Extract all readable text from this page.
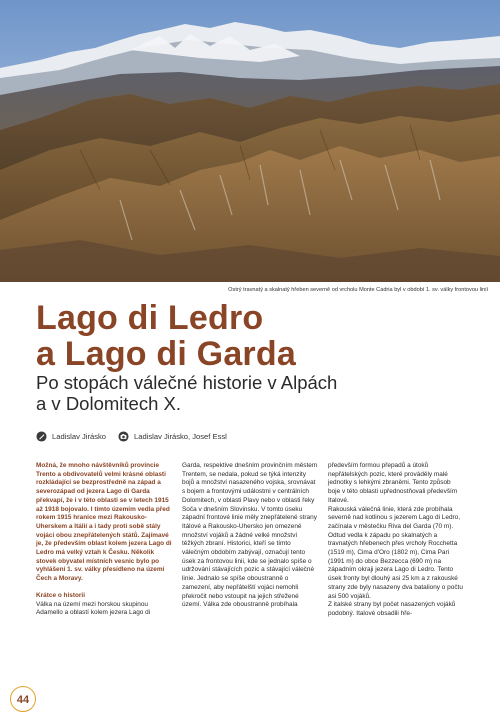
Ostrý travnatý a skalnatý hřeben severně od vrcholu Monte Cadria byl v období 1. sv. války frontovou linií
Lago di Ledro
a Lago di Garda
Po stopách válečné historie v Alpách
a v Dolomitech X.
Ladislav Jirásko	Ladislav Jirásko, Josef Essl

Možná, že mnoho návštěvníků provincie Trento a obdivovatelů velmi krásné oblasti rozkládající se bezprostředně na západ a severozápad od jezera Lago di Garda překvapí, že i v této oblasti se v letech 1915 až 1918 bojovalo. I tímto územím vedla před rokem 1915 hranice mezi Rakousko-Uherskem a Itálií a i tady proti sobě stály vojáci obou znepřátelených států. Zajímavé je, že především oblast kolem jezera Lago di Ledro má velký vztah k Česku. Několik stovek obyvatel místních vesnic bylo po vyhlášení 1. sv. války přesídleno na území Čech a Moravy.

Krátce o historii

Válka na území mezi horskou skupinou Adamello a oblastí kolem jezera Lago di

Garda, respektive dnešním provinčním městem Trentem, se nedala, pokud se týká intenzity bojů a množství nasazeného vojska, srovnávat s bojem a frontovými událostmi v centrálních Dolomitech, v oblasti Plavy nebo v oblasti řeky Soča v dnešním Slovinsku. V tomto úseku západní frontové linie měly znepřátelené strany Itálové a Rakousko-Uhersko jen omezené množství vojáků a žádné velké množství těžkých zbraní. Historici, kteří se tímto válečným obdobím zabývají, označují tento úsek za frontovou linii, kde se jednalo spíše o udržování stávajících pozic a stávající válečné linie. Jednalo se spíše oboustranně o zamezení, aby nepřátelští vojáci nemohli překročit nebo vstoupit na jejich střežené území. Válka zde oboustranně probíhala

především formou přepadů a útoků nepřátelských pozic, které prováděly malé jednotky s lehkými zbraněmi. Tento způsob boje v této oblasti upřednostňovali především Italové.

Rakouská válečná linie, která zde probíhala severně nad kotlinou s jezerem Lago di Ledro, začínala v městečku Riva del Garda (70 m). Odtud vedla k západu po skalnatých a travnatých hřebenech přes vrcholy Rocchetta (1519 m), Cima d'Oro (1802 m), Cima Pari (1991 m) do obce Bezzecca (690 m) na západním okraji jezera Lago di Ledro. Tento úsek fronty byl dlouhý asi 25 km a z rakouské strany zde byly nasazeny dva bataliony o počtu asi 500 vojáků.

Z italské strany byl počet nasazených vojáků podobný. Italové obsadili hře-

44
